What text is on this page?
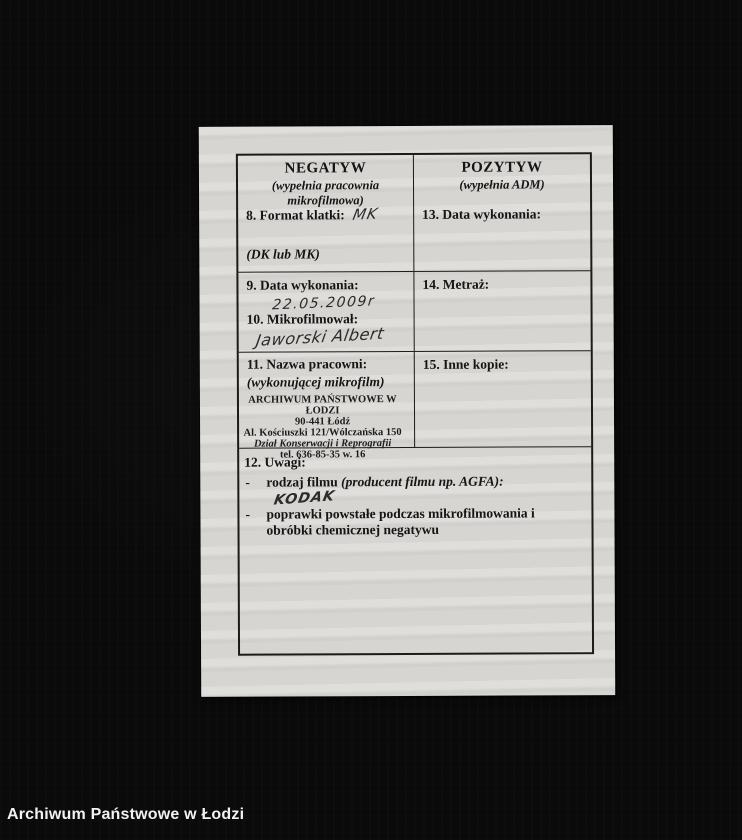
NEGATYW
(wypełnia pracownia mikrofilmowa)
8. Format klatki: MK
(DK lub MK)
POZYTYW
(wypełnia ADM)
13. Data wykonania:
9. Data wykonania:
22.05.2009r
10. Mikrofilmował:
Jaworski Albert
14. Metraż:
11. Nazwa pracowni:
(wykonującej mikrofilm)
ARCHIWUM PAŃSTWOWE W ŁODZI
90-441 Łódź
Al. Kościuszki 121/Wólczańska 150
Dział Konserwacji i Reprografii
tel. 636-85-35 w. 16
15. Inne kopie:
12. Uwagi:
-	rodzaj filmu (producent filmu np. AGFA): KODAK
-	poprawki powstałe podczas mikrofilmowania i obróbki chemicznej negatywu
Archiwum Państwowe w Łodzi
